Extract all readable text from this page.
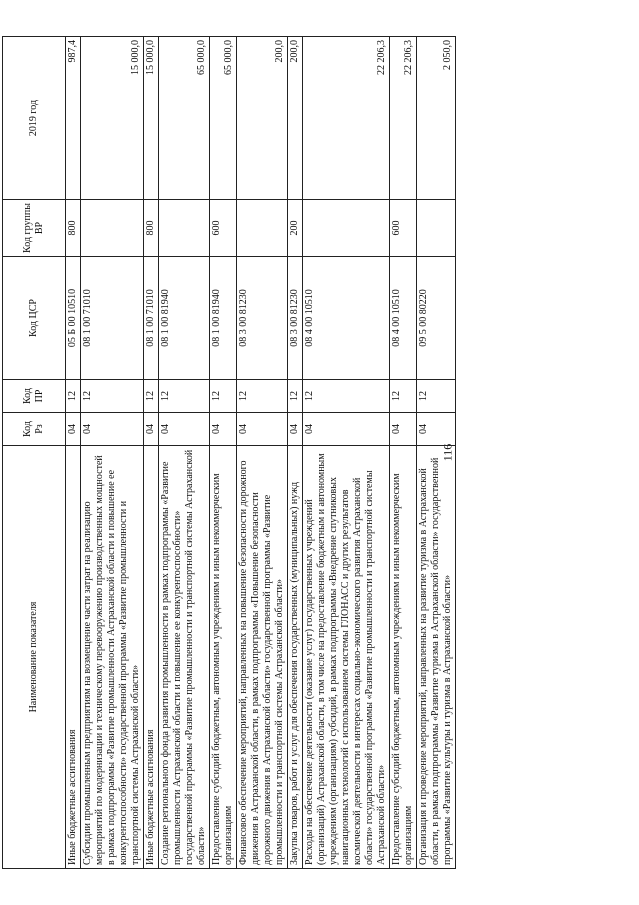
116
Наименование показателя	Код Рз	Код ПР	Код ЦСР	Код группы ВР	2019 год
Иные бюджетные ассигнования	04	12	05 Б 00 10510	800	987,4
Субсидии промышленным предприятиям на возмещение части затрат на реализацию мероприятий по модернизации и техническому перевооружению производственных мощностей в рамках подпрограммы «Развитие промышленности Астраханской области и повышение ее конкурентоспособности» государственной программы «Развитие промышленности и транспортной системы Астраханской области»	04	12	08 1 00 71010		15 000,0
Иные бюджетные ассигнования	04	12	08 1 00 71010	800	15 000,0
Создание регионального фонда развития промышленности в рамках подпрограммы «Развитие промышленности Астраханской области и повышение ее конкурентоспособности» государственной программы «Развитие промышленности и транспортной системы Астраханской области»	04	12	08 1 00 81940		65 000,0
Предоставление субсидий бюджетным, автономным учреждениям и иным некоммерческим организациям	04	12	08 1 00 81940	600	65 000,0
Финансовое обеспечение мероприятий, направленных на повышение безопасности дорожного движения в Астраханской области, в рамках подпрограммы «Повышение безопасности дорожного движения в Астраханской области» государственной программы «Развитие промышленности и транспортной системы Астраханской области»	04	12	08 3 00 81230		200,0
Закупка товаров, работ и услуг для обеспечения государственных (муниципальных) нужд	04	12	08 3 00 81230	200	200,0
Расходы на обеспечение деятельности (оказание услуг) государственных учреждений (организаций) Астраханской области, в том числе на предоставление бюджетным и автономным учреждениям (организациям) субсидий, в рамках подпрограммы «Внедрение спутниковых навигационных технологий с использованием системы ГЛОНАСС и других результатов космической деятельности в интересах социально-экономического развития Астраханской области» государственной программы «Развитие промышленности и транспортной системы Астраханской области»	04	12	08 4 00 10510		22 206,3
Предоставление субсидий бюджетным, автономным учреждениям и иным некоммерческим организациям	04	12	08 4 00 10510	600	22 206,3
Организация и проведение мероприятий, направленных на развитие туризма в Астраханской области, в рамках подпрограммы «Развитие туризма в Астраханской области» государственной программы «Развитие культуры и туризма в Астраханской области»	04	12	09 5 00 80220		2 050,0
